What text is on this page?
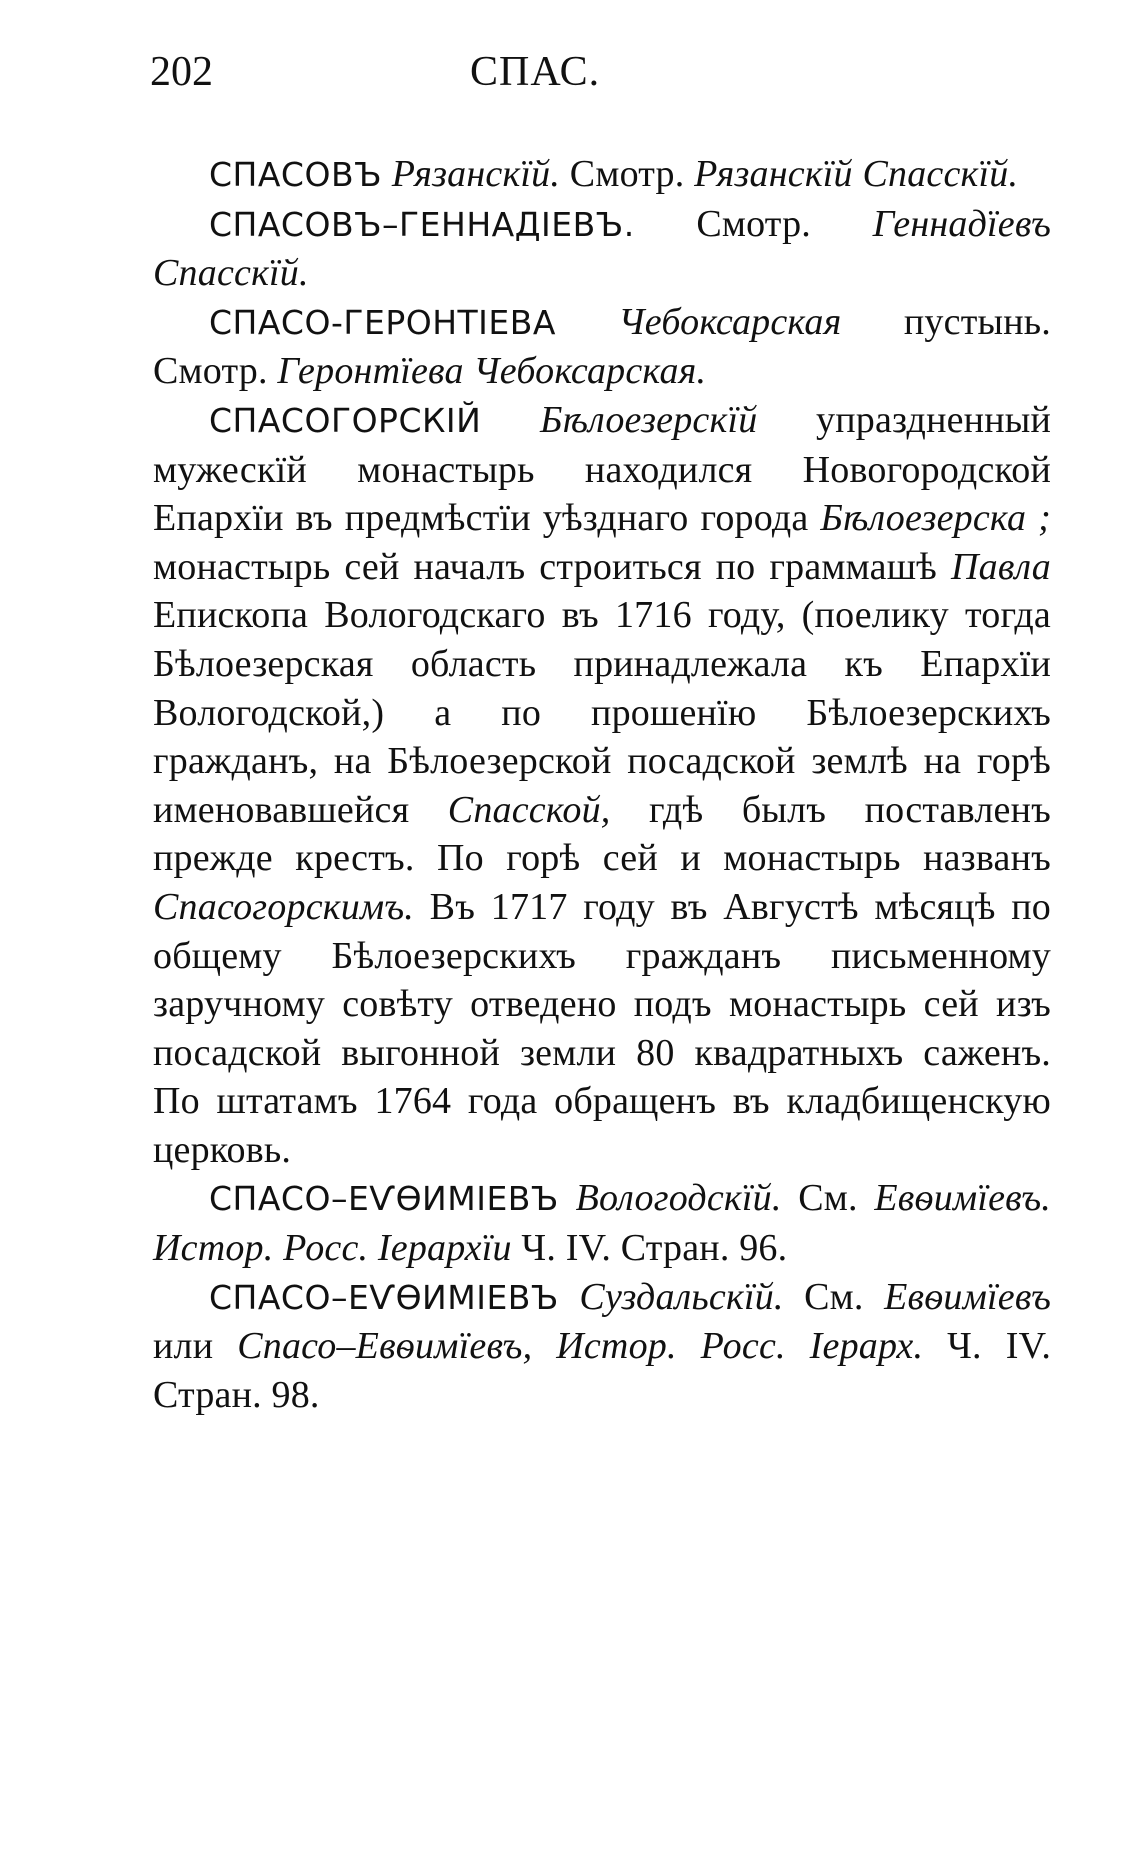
202	СПАС.

СПАСОВЪ Рязанскїй. Смотр. Рязанскїй Спасскїй.

СПАСОВЪ–ГЕННАДІЕВЪ. Смотр. Геннадїевъ Спасскїй.

СПАСО-ГЕРОНТІЕВА Чебоксарская пустынь. Смотр. Геронтїева Чебоксарская.

СПАСОГОРСКІЙ Бѣлоезерскїй упраздненный мужескїй монастырь находился Новогородской Епархїи въ предмѣстїи уѣзднаго города Бѣлоезерска ; монастырь сей началъ строиться по граммашѣ Павла Епископа Вологодскаго въ 1716 году, (поелику тогда Бѣлоезерская область принадлежала къ Епархїи Вологодской,) а по прошенїю Бѣлоезерскихъ гражданъ, на Бѣлоезерской посадской землѣ на горѣ именовавшейся Спасской, гдѣ былъ поставленъ прежде крестъ. По горѣ сей и монастырь названъ Спасогорскимъ. Въ 1717 году въ Августѣ мѣсяцѣ по общему Бѣлоезерскихъ гражданъ письменному заручному совѣту отведено подъ монастырь сей изъ посадской выгонной земли 80 квадратныхъ саженъ. По штатамъ 1764 года обращенъ въ кладбищенскую церковь.

СПАСО–ЕѴѲИМІЕВЪ Вологодскїй. См. Евѳимїевъ. Истор. Росс. Iерархїи Ч. IV. Стран. 96.

СПАСО–ЕѴѲИМІЕВЪ Суздальскїй. См. Евѳимїевъ или Спасо–Евѳимїевъ, Истор. Росс. Iерарх. Ч. IV. Стран. 98.
